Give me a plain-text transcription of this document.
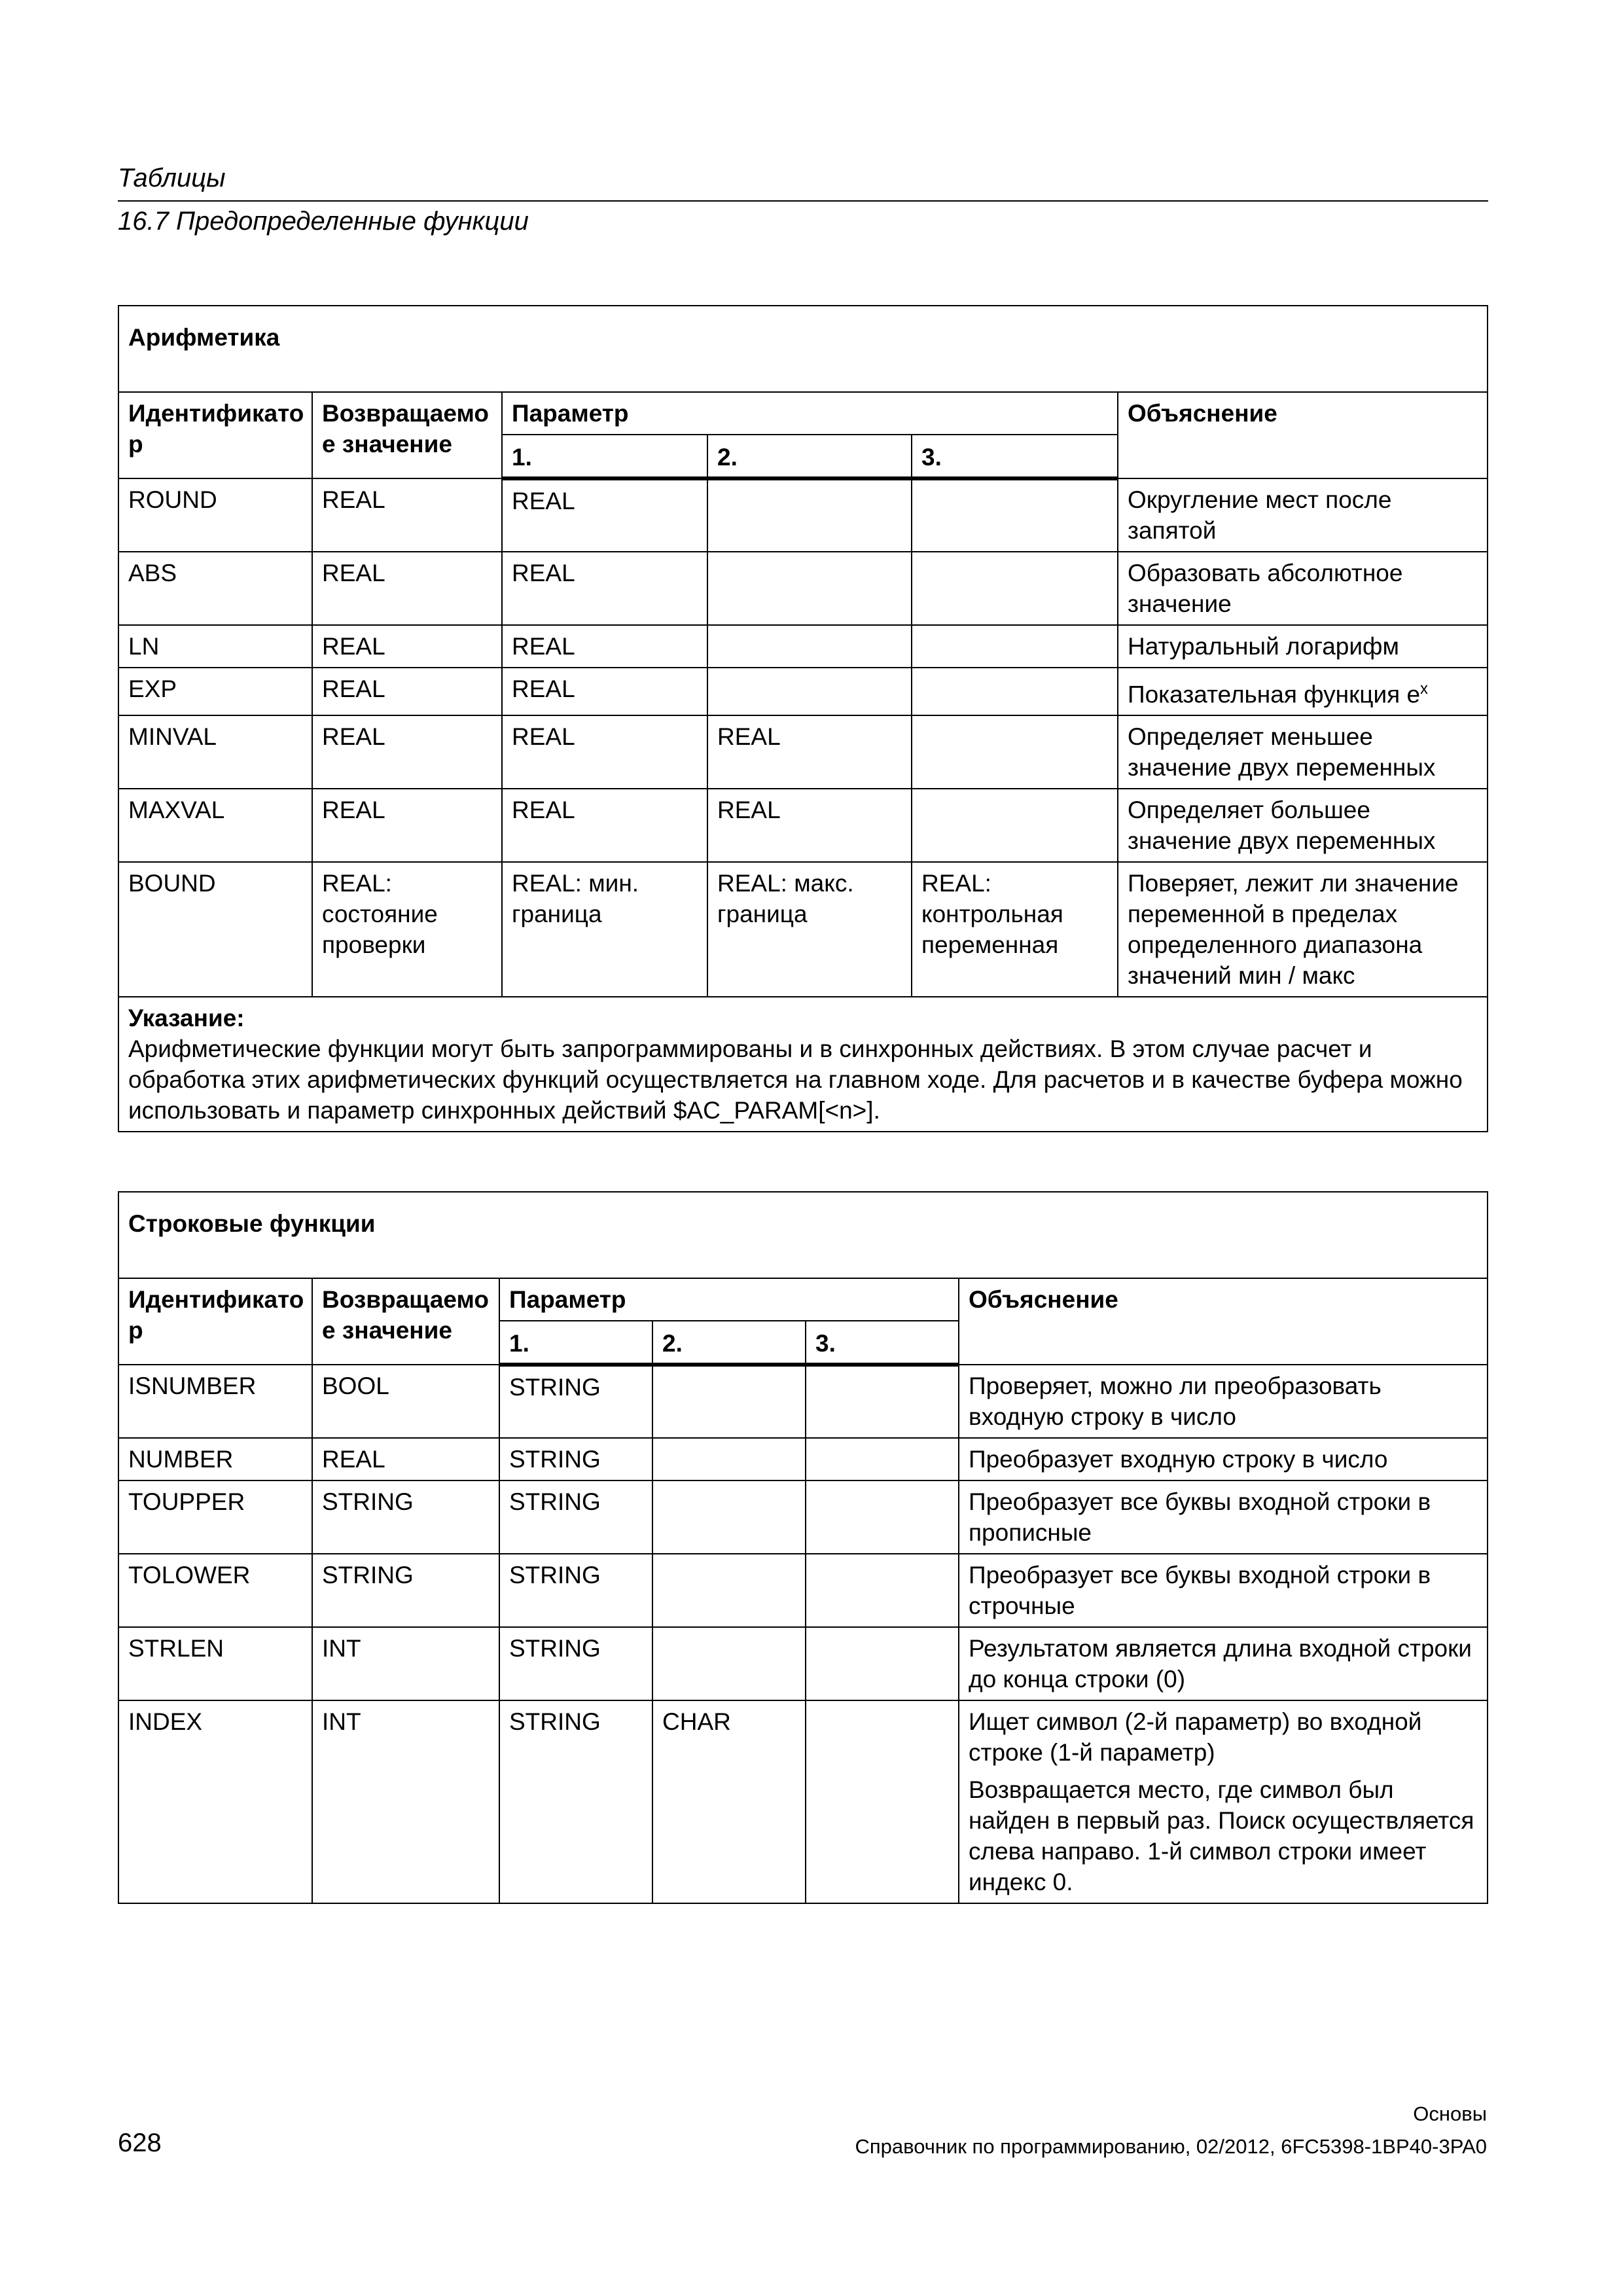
Таблицы
16.7 Предопределенные функции
Арифметика					
Идентификато р	Возвращаемо е значение	Параметр			Объяснение
		1.	2.	3.	
ROUND	REAL	REAL			Округление мест после запятой
ABS	REAL	REAL			Образовать абсолютное значение
LN	REAL	REAL			Натуральный логарифм
EXP	REAL	REAL			Показательная функция $e^x$
MINVAL	REAL	REAL	REAL		Определяет меньшее значение двух переменных
MAXVAL	REAL	REAL	REAL		Определяет большее значение двух переменных
BOUND	REAL: состояние проверки	REAL: мин. граница	REAL: макс. граница	REAL: контрольная переменная	Поверяет, лежит ли значение переменной в пределах определенного диапазона значений мин / макс
Указание:
Арифметические функции могут быть запрограммированы и в синхронных действиях. В этом случае расчет и обработка этих арифметических функций осуществляется на главном ходе. Для расчетов и в качестве буфера можно использовать и параметр синхронных действий $AC_PARAM[<n>].					
Строковые функции					
Идентификато р	Возвращаемо е значение	Параметр			Объяснение
		1.	2.	3.	
ISNUMBER	BOOL	STRING			Проверяет, можно ли преобразовать входную строку в число
NUMBER	REAL	STRING			Преобразует входную строку в число
TOUPPER	STRING	STRING			Преобразует все буквы входной строки в прописные
TOLOWER	STRING	STRING			Преобразует все буквы входной строки в строчные
STRLEN	INT	STRING			Результатом является длина входной строки до конца строки (0)
INDEX	INT	STRING	CHAR		Ищет символ (2-й параметр) во входной строке (1-й параметр)

Возвращается место, где символ был найден в первый раз. Поиск осуществляется слева направо. 1-й символ строки имеет индекс 0.

Основы
628	Справочник по программированию, 02/2012, 6FC5398-1BP40-3PA0
